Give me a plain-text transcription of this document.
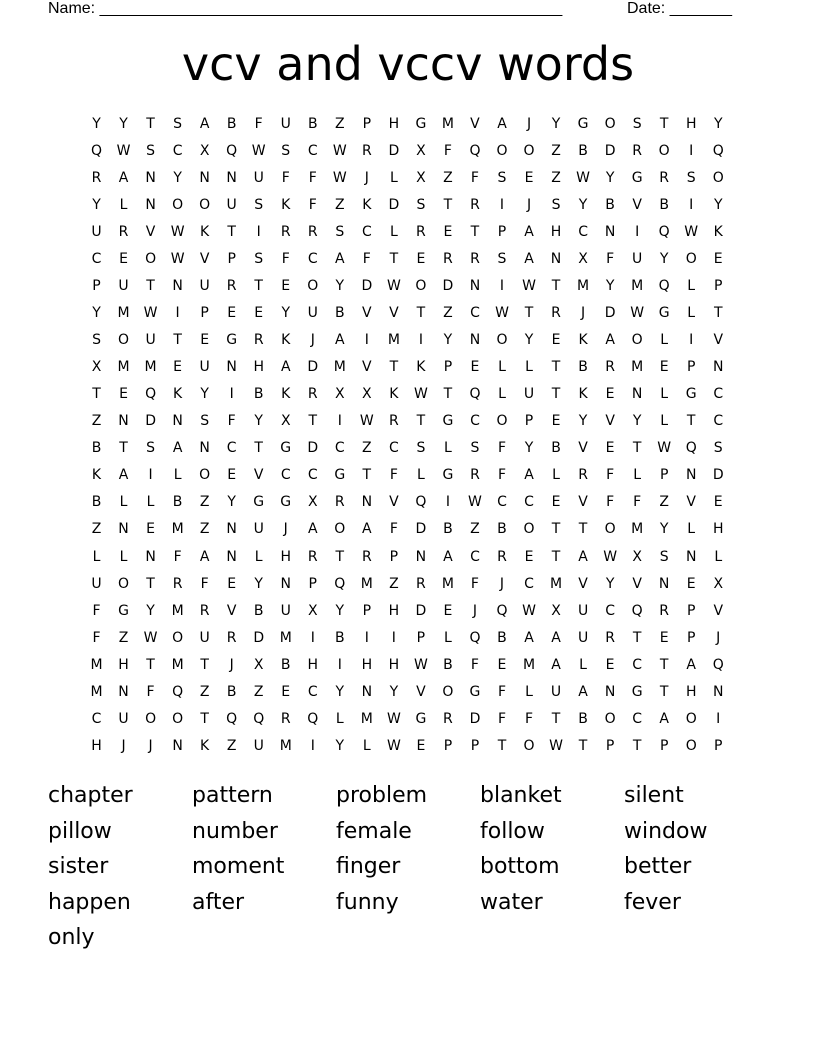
Name: ____________________________________________________	Date: _______
vcv and vccv words
Y	Y	T	S	A	B	F	U	B	Z	P	H	G	M	V	A	J	Y	G	O	S	T	H	Y
Q	W	S	C	X	Q	W	S	C	W	R	D	X	F	Q	O	O	Z	B	D	R	O	I	Q
R	A	N	Y	N	N	U	F	F	W	J	L	X	Z	F	S	E	Z	W	Y	G	R	S	O
Y	L	N	O	O	U	S	K	F	Z	K	D	S	T	R	I	J	S	Y	B	V	B	I	Y
U	R	V	W	K	T	I	R	R	S	C	L	R	E	T	P	A	H	C	N	I	Q	W	K
C	E	O	W	V	P	S	F	C	A	F	T	E	R	R	S	A	N	X	F	U	Y	O	E
P	U	T	N	U	R	T	E	O	Y	D	W	O	D	N	I	W	T	M	Y	M	Q	L	P
Y	M	W	I	P	E	E	Y	U	B	V	V	T	Z	C	W	T	R	J	D	W	G	L	T
S	O	U	T	E	G	R	K	J	A	I	M	I	Y	N	O	Y	E	K	A	O	L	I	V
X	M	M	E	U	N	H	A	D	M	V	T	K	P	E	L	L	T	B	R	M	E	P	N
T	E	Q	K	Y	I	B	K	R	X	X	K	W	T	Q	L	U	T	K	E	N	L	G	C
Z	N	D	N	S	F	Y	X	T	I	W	R	T	G	C	O	P	E	Y	V	Y	L	T	C
B	T	S	A	N	C	T	G	D	C	Z	C	S	L	S	F	Y	B	V	E	T	W	Q	S
K	A	I	L	O	E	V	C	C	G	T	F	L	G	R	F	A	L	R	F	L	P	N	D
B	L	L	B	Z	Y	G	G	X	R	N	V	Q	I	W	C	C	E	V	F	F	Z	V	E
Z	N	E	M	Z	N	U	J	A	O	A	F	D	B	Z	B	O	T	T	O	M	Y	L	H
L	L	N	F	A	N	L	H	R	T	R	P	N	A	C	R	E	T	A	W	X	S	N	L
U	O	T	R	F	E	Y	N	P	Q	M	Z	R	M	F	J	C	M	V	Y	V	N	E	X
F	G	Y	M	R	V	B	U	X	Y	P	H	D	E	J	Q	W	X	U	C	Q	R	P	V
F	Z	W	O	U	R	D	M	I	B	I	I	P	L	Q	B	A	A	U	R	T	E	P	J
M	H	T	M	T	J	X	B	H	I	H	H	W	B	F	E	M	A	L	E	C	T	A	Q
M	N	F	Q	Z	B	Z	E	C	Y	N	Y	V	O	G	F	L	U	A	N	G	T	H	N
C	U	O	O	T	Q	Q	R	Q	L	M	W	G	R	D	F	F	T	B	O	C	A	O	I
H	J	J	N	K	Z	U	M	I	Y	L	W	E	P	P	T	O	W	T	P	T	P	O	P
chapter	pattern	problem	blanket	silent
pillow	number	female	follow	window
sister	moment	finger	bottom	better
happen	after	funny	water	fever
only
